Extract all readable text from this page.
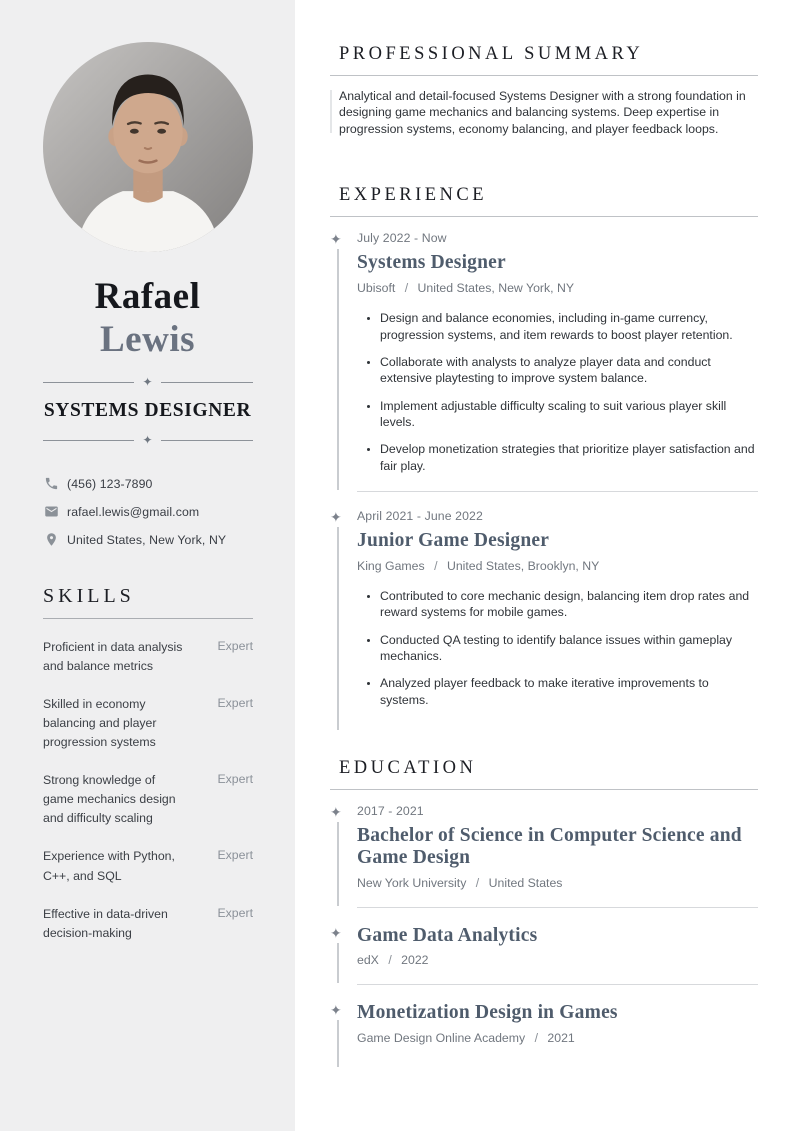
Rafael
Lewis
✦
SYSTEMS DESIGNER
✦
(456) 123-7890
rafael.lewis@gmail.com
United States, New York, NY
SKILLS
Proficient in data analysis and balance metrics
Expert
Skilled in economy balancing and player progression systems
Expert
Strong knowledge of game mechanics design and difficulty scaling
Expert
Experience with Python, C++, and SQL
Expert
Effective in data-driven decision-making
Expert
PROFESSIONAL SUMMARY

Analytical and detail-focused Systems Designer with a strong foundation in designing game mechanics and balancing systems. Deep expertise in progression systems, economy balancing, and player feedback loops.

EXPERIENCE
✦ July 2022 - Now
Systems Designer
Ubisoft / United States, New York, NY
• Design and balance economies, including in-game currency, progression systems, and item rewards to boost player retention.
• Collaborate with analysts to analyze player data and conduct extensive playtesting to improve system balance.
• Implement adjustable difficulty scaling to suit various player skill levels.
• Develop monetization strategies that prioritize player satisfaction and fair play.
✦ April 2021 - June 2022
Junior Game Designer
King Games / United States, Brooklyn, NY
• Contributed to core mechanic design, balancing item drop rates and reward systems for mobile games.
• Conducted QA testing to identify balance issues within gameplay mechanics.
• Analyzed player feedback to make iterative improvements to systems.
EDUCATION
✦ 2017 - 2021
Bachelor of Science in Computer Science and Game Design
New York University / United States
✦ Game Data Analytics
edX / 2022
✦ Monetization Design in Games
Game Design Online Academy / 2021
